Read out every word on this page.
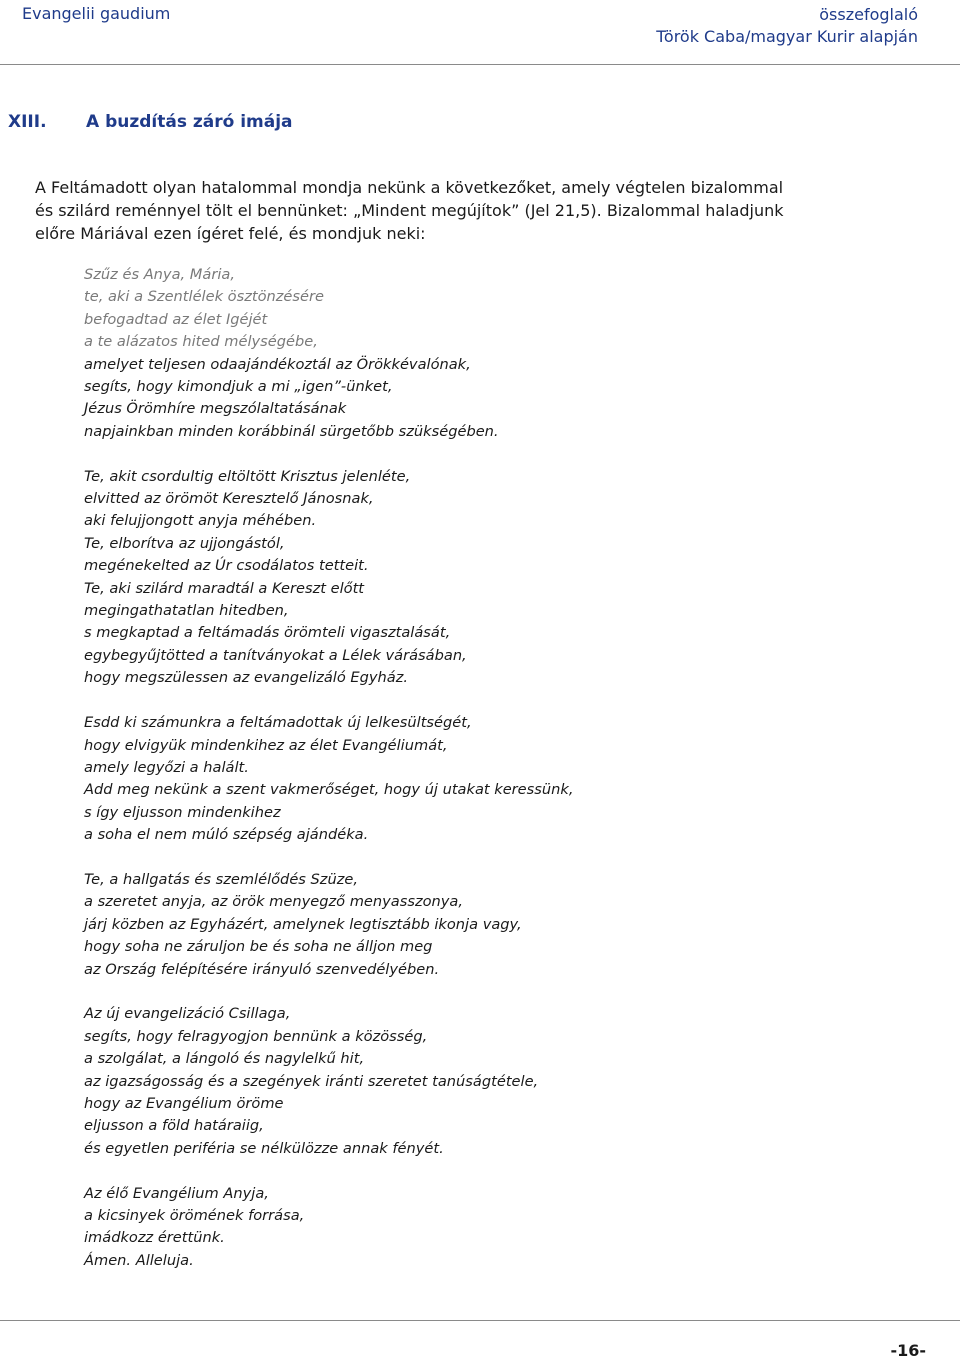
Evangelii gaudium	összefoglaló
Török Caba/magyar Kurir alapján
XIII. A buzdítás záró imája
A Feltámadott olyan hatalommal mondja nekünk a következőket, amely végtelen bizalommal
és szilárd reménnyel tölt el bennünket: „Mindent megújítok” (Jel 21,5). Bizalommal haladjunk
előre Máriával ezen ígéret felé, és mondjuk neki:
Szűz és Anya, Mária,
te, aki a Szentlélek ösztönzésére
befogadtad az élet Igéjét
a te alázatos hited mélységébe,
amelyet teljesen odaajándékoztál az Örökkévalónak,
segíts, hogy kimondjuk a mi „igen”-ünket,
Jézus Örömhíre megszólaltatásának
napjainkban minden korábbinál sürgetőbb szükségében.
Te, akit csordultig eltöltött Krisztus jelenléte,
elvitted az örömöt Keresztelő Jánosnak,
aki felujjongott anyja méhében.
Te, elborítva az ujjongástól,
megénekelted az Úr csodálatos tetteit.
Te, aki szilárd maradtál a Kereszt előtt
megingathatatlan hitedben,
s megkaptad a feltámadás örömteli vigasztalását,
egybegyűjtötted a tanítványokat a Lélek várásában,
hogy megszülessen az evangelizáló Egyház.
Esdd ki számunkra a feltámadottak új lelkesültségét,
hogy elvigyük mindenkihez az élet Evangéliumát,
amely legyőzi a halált.
Add meg nekünk a szent vakmerőséget, hogy új utakat keressünk,
s így eljusson mindenkihez
a soha el nem múló szépség ajándéka.
Te, a hallgatás és szemlélődés Szüze,
a szeretet anyja, az örök menyegző menyasszonya,
járj közben az Egyházért, amelynek legtisztább ikonja vagy,
hogy soha ne záruljon be és soha ne álljon meg
az Ország felépítésére irányuló szenvedélyében.
Az új evangelizáció Csillaga,
segíts, hogy felragyogjon bennünk a közösség,
a szolgálat, a lángoló és nagylelkű hit,
az igazságosság és a szegények iránti szeretet tanúságtétele,
hogy az Evangélium öröme
eljusson a föld határaiig,
és egyetlen periféria se nélkülözze annak fényét.
Az élő Evangélium Anyja,
a kicsinyek örömének forrása,
imádkozz érettünk.
Ámen. Alleluja.
-16-
